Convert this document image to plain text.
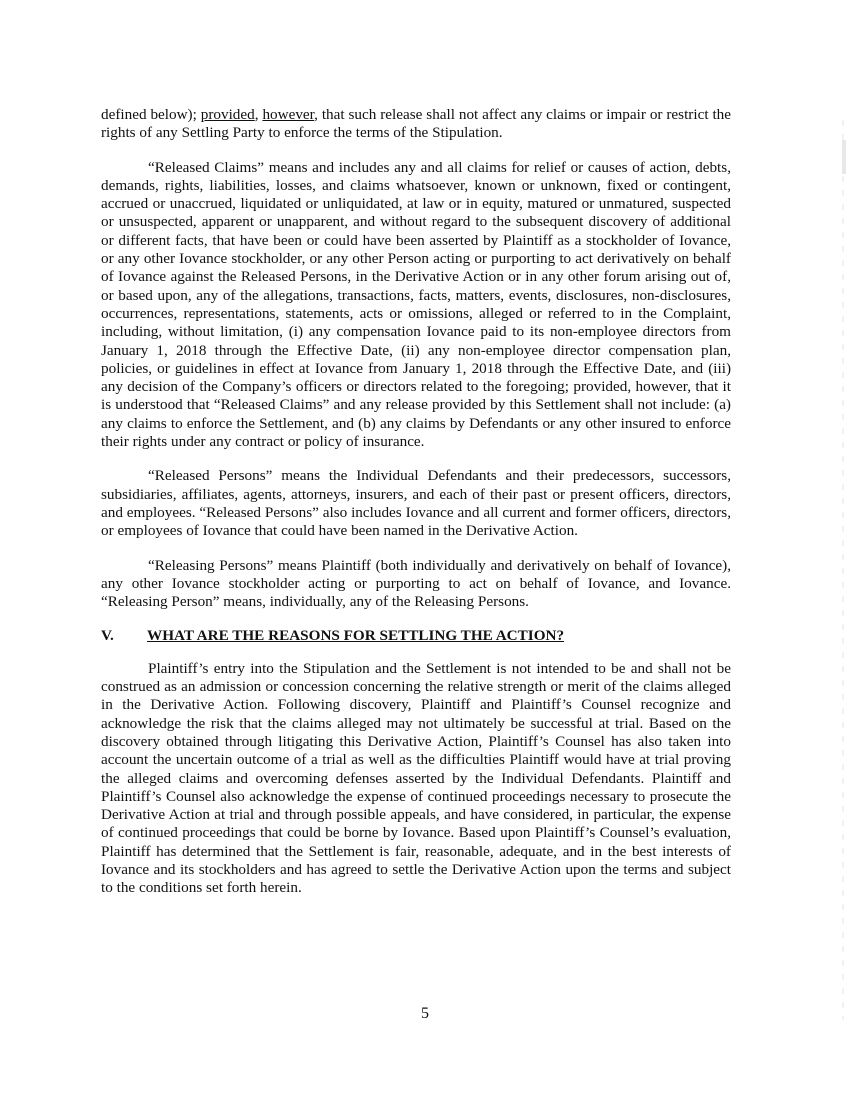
defined below); provided, however, that such release shall not affect any claims or impair or restrict the rights of any Settling Party to enforce the terms of the Stipulation.

“Released Claims” means and includes any and all claims for relief or causes of action, debts, demands, rights, liabilities, losses, and claims whatsoever, known or unknown, fixed or contingent, accrued or unaccrued, liquidated or unliquidated, at law or in equity, matured or unmatured, suspected or unsuspected, apparent or unapparent, and without regard to the subsequent discovery of additional or different facts, that have been or could have been asserted by Plaintiff as a stockholder of Iovance, or any other Iovance stockholder, or any other Person acting or purporting to act derivatively on behalf of Iovance against the Released Persons, in the Derivative Action or in any other forum arising out of, or based upon, any of the allegations, transactions, facts, matters, events, disclosures, non-disclosures, occurrences, representations, statements, acts or omissions, alleged or referred to in the Complaint, including, without limitation, (i) any compensation Iovance paid to its non-employee directors from January 1, 2018 through the Effective Date, (ii) any non-employee director compensation plan, policies, or guidelines in effect at Iovance from January 1, 2018 through the Effective Date, and (iii) any decision of the Company’s officers or directors related to the foregoing; provided, however, that it is understood that “Released Claims” and any release provided by this Settlement shall not include: (a) any claims to enforce the Settlement, and (b) any claims by Defendants or any other insured to enforce their rights under any contract or policy of insurance.

“Released Persons” means the Individual Defendants and their predecessors, successors, subsidiaries, affiliates, agents, attorneys, insurers, and each of their past or present officers, directors, and employees. “Released Persons” also includes Iovance and all current and former officers, directors, or employees of Iovance that could have been named in the Derivative Action.

“Releasing Persons” means Plaintiff (both individually and derivatively on behalf of Iovance), any other Iovance stockholder acting or purporting to act on behalf of Iovance, and Iovance. “Releasing Person” means, individually, any of the Releasing Persons.

V.	WHAT ARE THE REASONS FOR SETTLING THE ACTION?

Plaintiff’s entry into the Stipulation and the Settlement is not intended to be and shall not be construed as an admission or concession concerning the relative strength or merit of the claims alleged in the Derivative Action. Following discovery, Plaintiff and Plaintiff’s Counsel recognize and acknowledge the risk that the claims alleged may not ultimately be successful at trial. Based on the discovery obtained through litigating this Derivative Action, Plaintiff’s Counsel has also taken into account the uncertain outcome of a trial as well as the difficulties Plaintiff would have at trial proving the alleged claims and overcoming defenses asserted by the Individual Defendants. Plaintiff and Plaintiff’s Counsel also acknowledge the expense of continued proceedings necessary to prosecute the Derivative Action at trial and through possible appeals, and have considered, in particular, the expense of continued proceedings that could be borne by Iovance. Based upon Plaintiff’s Counsel’s evaluation, Plaintiff has determined that the Settlement is fair, reasonable, adequate, and in the best interests of Iovance and its stockholders and has agreed to settle the Derivative Action upon the terms and subject to the conditions set forth herein.

5
